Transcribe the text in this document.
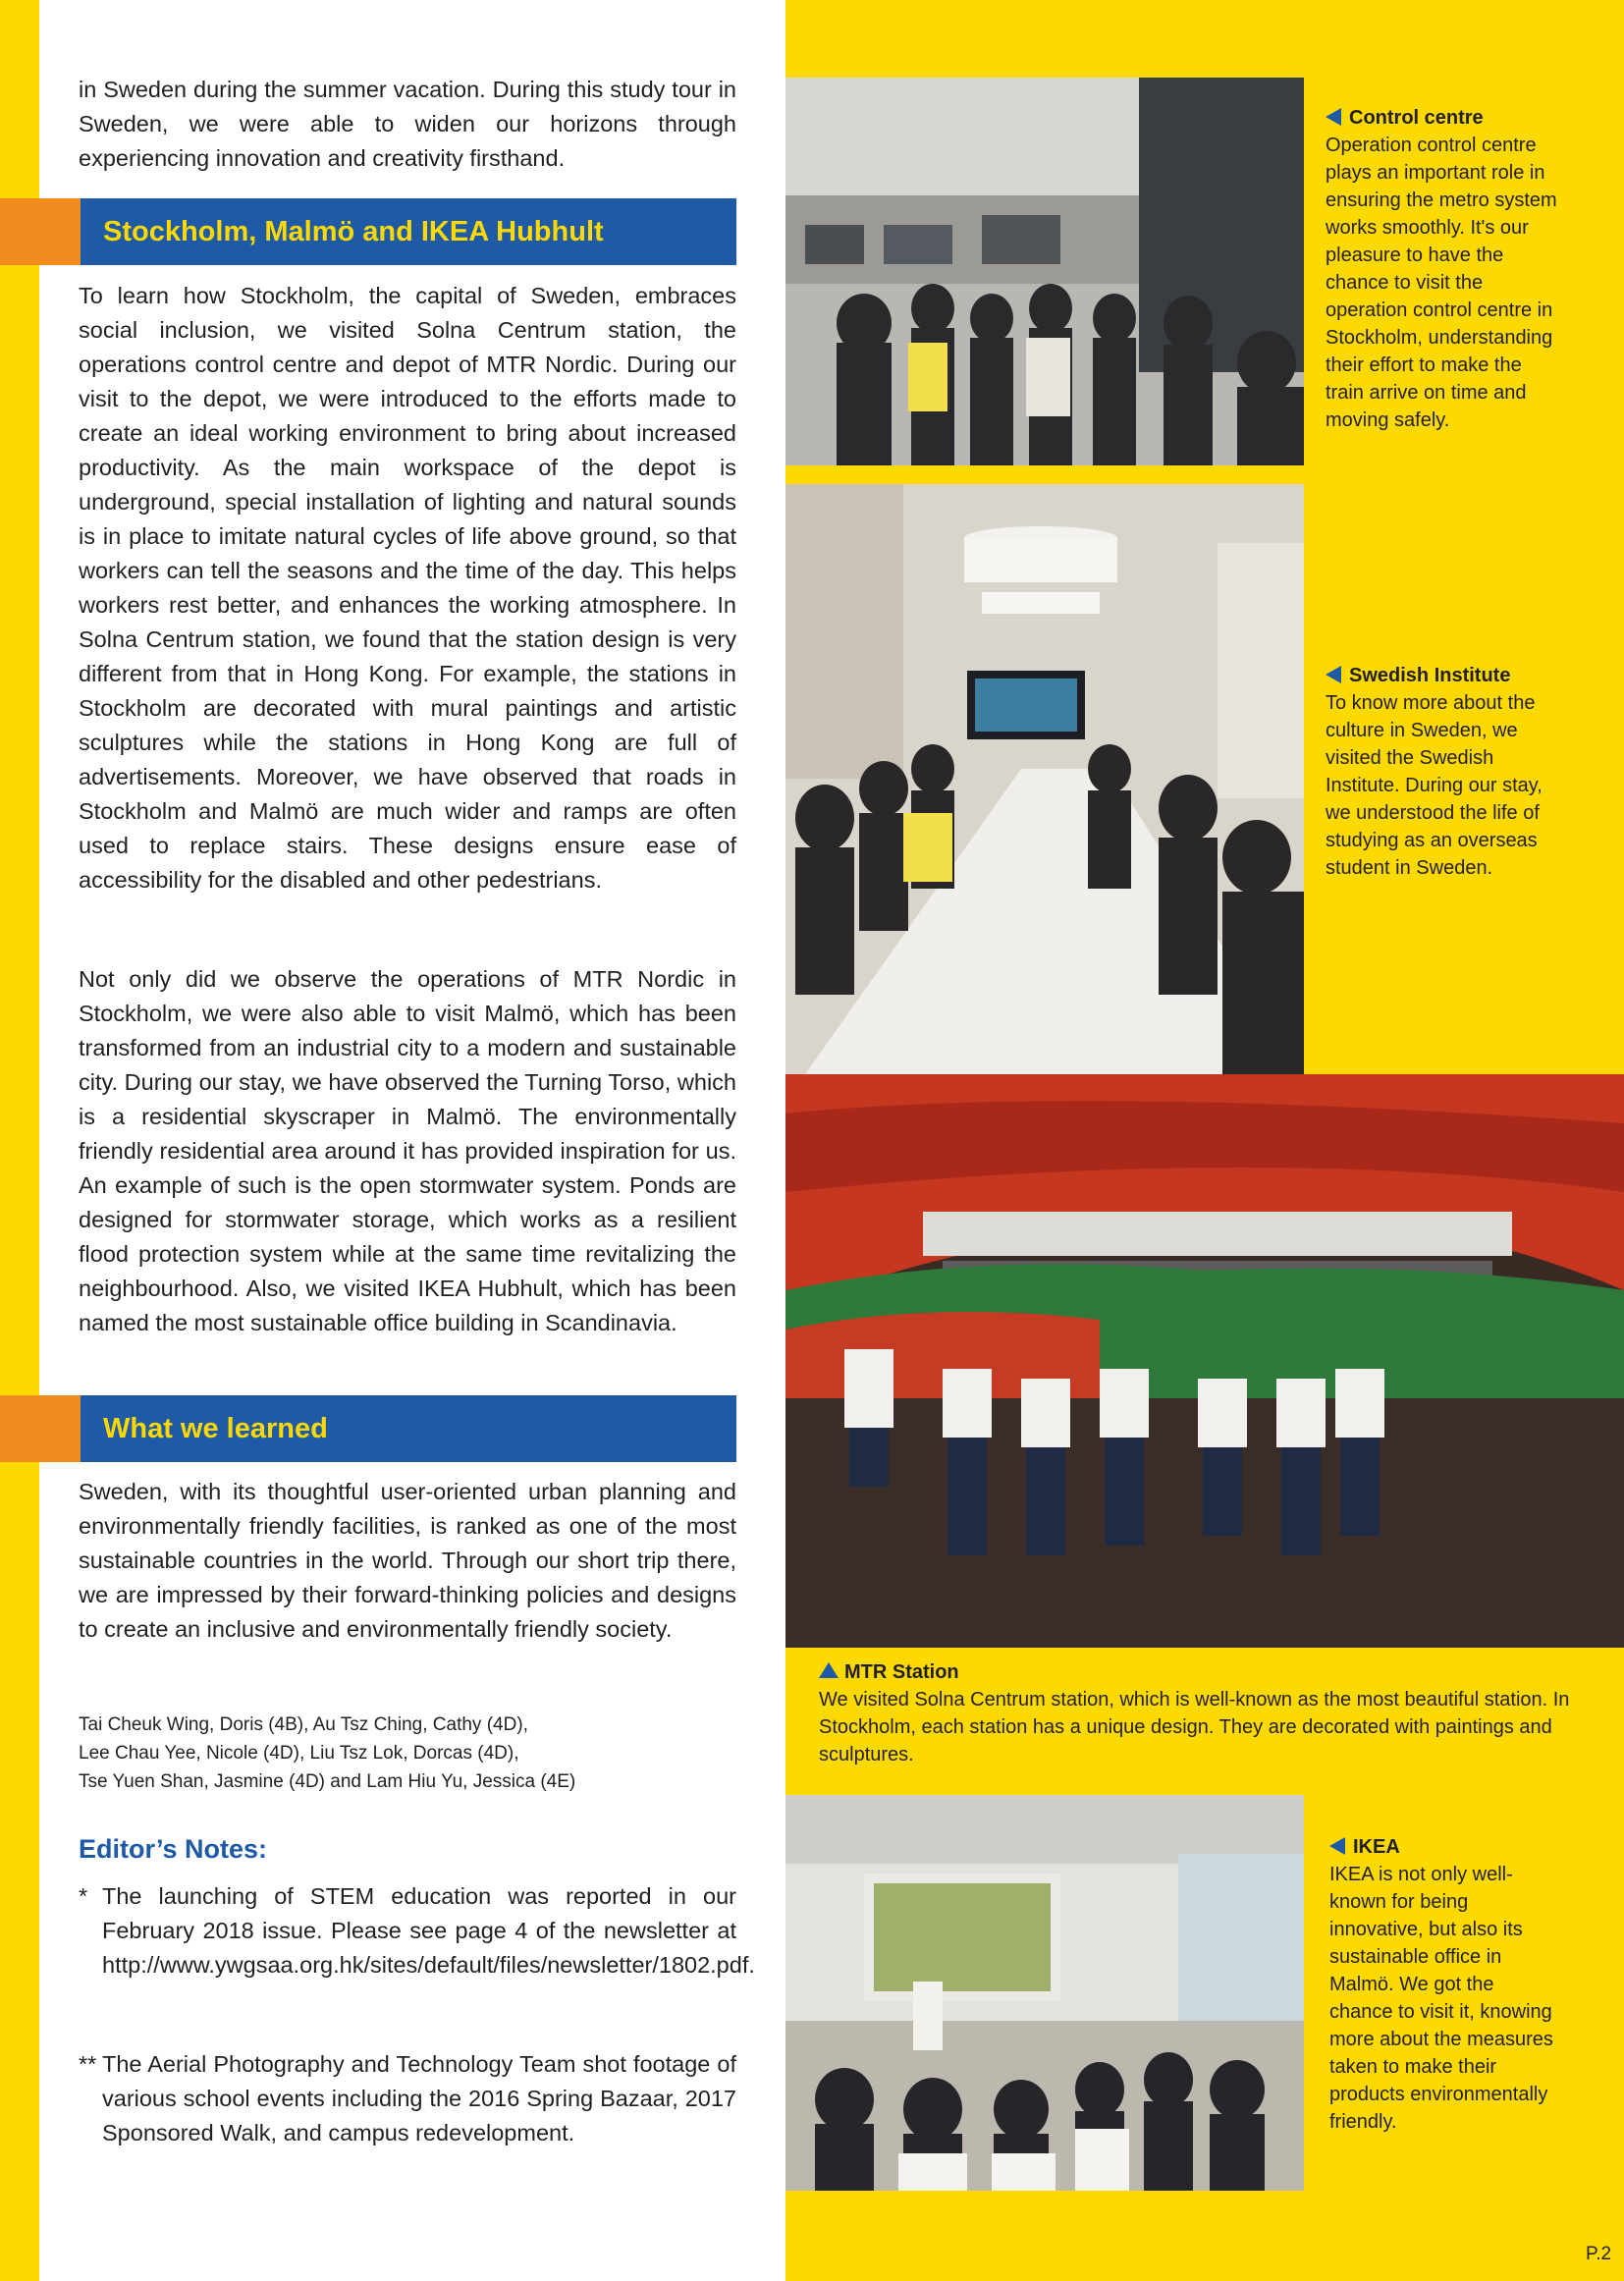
in Sweden during the summer vacation. During this study tour in Sweden, we were able to widen our horizons through experiencing innovation and creativity firsthand.
Stockholm, Malmö and IKEA Hubhult
To learn how Stockholm, the capital of Sweden, embraces social inclusion, we visited Solna Centrum station, the operations control centre and depot of MTR Nordic. During our visit to the depot, we were introduced to the efforts made to create an ideal working environment to bring about increased productivity. As the main workspace of the depot is underground, special installation of lighting and natural sounds is in place to imitate natural cycles of life above ground, so that workers can tell the seasons and the time of the day. This helps workers rest better, and enhances the working atmosphere. In Solna Centrum station, we found that the station design is very different from that in Hong Kong. For example, the stations in Stockholm are decorated with mural paintings and artistic sculptures while the stations in Hong Kong are full of advertisements. Moreover, we have observed that roads in Stockholm and Malmö are much wider and ramps are often used to replace stairs. These designs ensure ease of accessibility for the disabled and other pedestrians.
Not only did we observe the operations of MTR Nordic in Stockholm, we were also able to visit Malmö, which has been transformed from an industrial city to a modern and sustainable city. During our stay, we have observed the Turning Torso, which is a residential skyscraper in Malmö. The environmentally friendly residential area around it has provided inspiration for us. An example of such is the open stormwater system. Ponds are designed for stormwater storage, which works as a resilient flood protection system while at the same time revitalizing the neighbourhood. Also, we visited IKEA Hubhult, which has been named the most sustainable office building in Scandinavia.
What we learned
Sweden, with its thoughtful user-oriented urban planning and environmentally friendly facilities, is ranked as one of the most sustainable countries in the world. Through our short trip there, we are impressed by their forward-thinking policies and designs to create an inclusive and environmentally friendly society.
Tai Cheuk Wing, Doris (4B), Au Tsz Ching, Cathy (4D),
Lee Chau Yee, Nicole (4D), Liu Tsz Lok, Dorcas (4D),
Tse Yuen Shan, Jasmine (4D) and Lam Hiu Yu, Jessica (4E)
Editor’s Notes:
* The launching of STEM education was reported in our February 2018 issue. Please see page 4 of the newsletter at http://www.ywgsaa.org.hk/sites/default/files/newsletter/1802.pdf.
** The Aerial Photography and Technology Team shot footage of various school events including the 2016 Spring Bazaar, 2017 Sponsored Walk, and campus redevelopment.
Control centre
Operation control centre plays an important role in ensuring the metro system works smoothly. It's our pleasure to have the chance to visit the operation control centre in Stockholm, understanding their effort to make the train arrive on time and moving safely.
Swedish Institute
To know more about the culture in Sweden, we visited the Swedish Institute. During our stay, we understood the life of studying as an overseas student in Sweden.
MTR Station
We visited Solna Centrum station, which is well-known as the most beautiful station. In Stockholm, each station has a unique design. They are decorated with paintings and sculptures.
IKEA
IKEA is not only well-known for being innovative, but also its sustainable office in Malmö. We got the chance to visit it, knowing more about the measures taken to make their products environmentally friendly.
P.2
